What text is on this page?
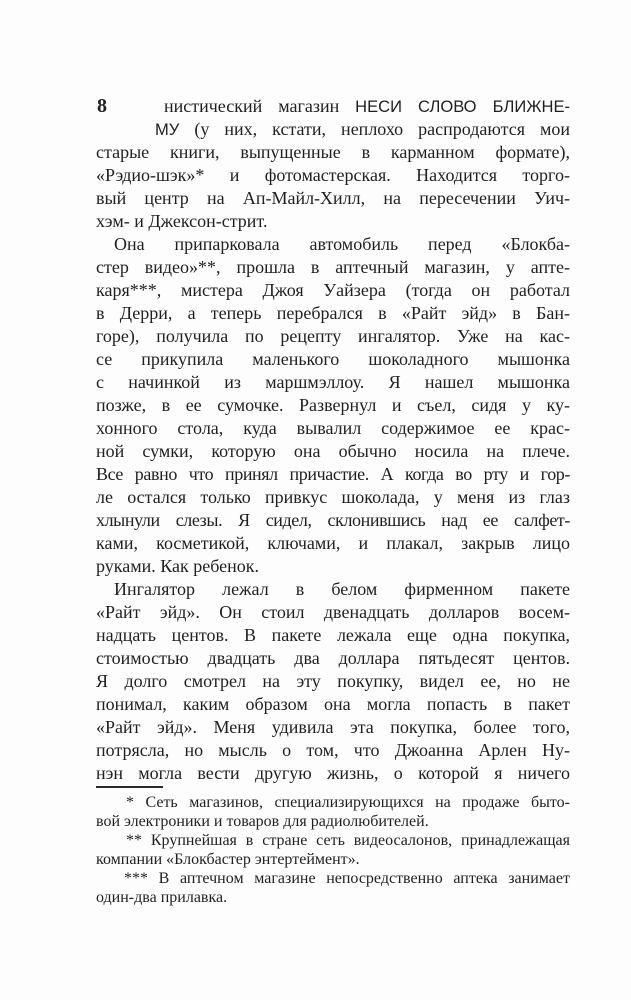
8	нистический магазин НЕСИ СЛОВО БЛИЖНЕ-
МУ (у них, кстати, неплохо распродаются мои
старые книги, выпущенные в карманном формате),
«Рэдио-шэк»* и фотомастерская. Находится торго-
вый центр на Ап-Майл-Хилл, на пересечении Уич-
хэм- и Джексон-стрит.
Она припарковала автомобиль перед «Блокба-
стер видео»**, прошла в аптечный магазин, у апте-
каря***, мистера Джоя Уайзера (тогда он работал
в Дерри, а теперь перебрался в «Райт эйд» в Бан-
горе), получила по рецепту ингалятор. Уже на кас-
се прикупила маленького шоколадного мышонка
с начинкой из маршмэллоу. Я нашел мышонка
позже, в ее сумочке. Развернул и съел, сидя у ку-
хонного стола, куда вывалил содержимое ее крас-
ной сумки, которую она обычно носила на плече.
Все равно что принял причастие. А когда во рту и гор-
ле остался только привкус шоколада, у меня из глаз
хлынули слезы. Я сидел, склонившись над ее салфет-
ками, косметикой, ключами, и плакал, закрыв лицо
руками. Как ребенок.
Ингалятор лежал в белом фирменном пакете
«Райт эйд». Он стоил двенадцать долларов восем-
надцать центов. В пакете лежала еще одна покупка,
стоимостью двадцать два доллара пятьдесят центов.
Я долго смотрел на эту покупку, видел ее, но не
понимал, каким образом она могла попасть в пакет
«Райт эйд». Меня удивила эта покупка, более того,
потрясла, но мысль о том, что Джоанна Арлен Ну-
нэн могла вести другую жизнь, о которой я ничего
* Сеть магазинов, специализирующихся на продаже быто-
вой электроники и товаров для радиолюбителей.
** Крупнейшая в стране сеть видеосалонов, принадлежащая
компании «Блокбастер энтертеймент».
*** В аптечном магазине непосредственно аптека занимает
один-два прилавка.
